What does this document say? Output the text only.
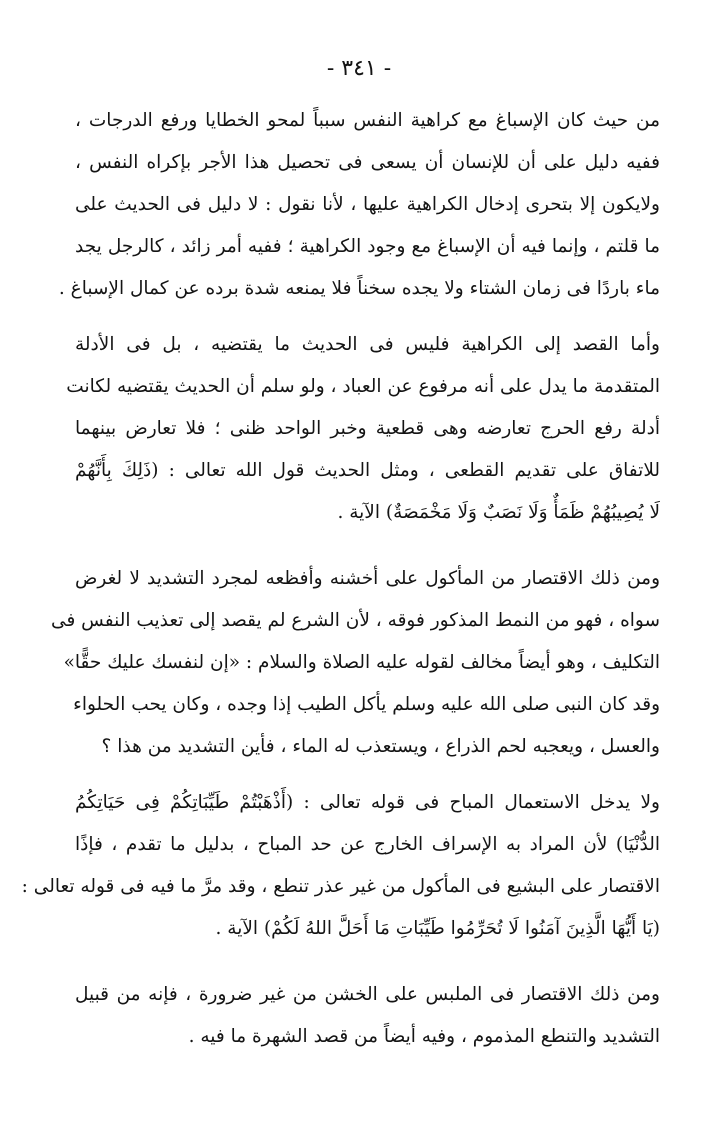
- ٣٤١ -

من حيث كان الإسباغ مع كراهية النفس سبباً لمحو الخطايا ورفع الدرجات ،
ففيه دليل على أن للإنسان أن يسعى فى تحصيل هذا الأجر بإكراه النفس ،
ولايكون إلا بتحرى إدخال الكراهية عليها ، لأنا نقول : لا دليل فى الحديث على
ما قلتم ، وإنما فيه أن الإسباغ مع وجود الكراهية ؛ ففيه أمر زائد ، كالرجل يجد
ماء باردًا فى زمان الشتاء ولا يجده سخناً فلا يمنعه شدة برده عن كمال الإسباغ .

وأما القصد إلى الكراهية فليس فى الحديث ما يقتضيه ، بل فى الأدلة
المتقدمة ما يدل على أنه مرفوع عن العباد ، ولو سلم أن الحديث يقتضيه لكانت
أدلة رفع الحرج تعارضه وهى قطعية وخبر الواحد ظنى ؛ فلا تعارض بينهما
للاتفاق على تقديم القطعى ، ومثل الحديث قول الله تعالى : (ذَلِكَ بِأَنَّهُمْ
لَا يُصِيبُهُمْ ظَمَأٌ وَلَا نَصَبٌ وَلَا مَخْمَصَةٌ) الآية .

ومن ذلك الاقتصار من المأكول على أخشنه وأفظعه لمجرد التشديد لا لغرض
سواه ، فهو من النمط المذكور فوقه ، لأن الشرع لم يقصد إلى تعذيب النفس فى
التكليف ، وهو أيضاً مخالف لقوله عليه الصلاة والسلام : «إن لنفسك عليك حقًّا»
وقد كان النبى صلى الله عليه وسلم يأكل الطيب إذا وجده ، وكان يحب الحلواء
والعسل ، ويعجبه لحم الذراع ، ويستعذب له الماء ، فأين التشديد من هذا ؟

ولا يدخل الاستعمال المباح فى قوله تعالى : (أَذْهَبْتُمْ طَيِّبَاتِكُمْ فِى حَيَاتِكُمُ
الدُّنْيَا) لأن المراد به الإسراف الخارج عن حد المباح ، بدليل ما تقدم ، فإذًا
الاقتصار على البشيع فى المأكول من غير عذر تنطع ، وقد مرَّ ما فيه فى قوله تعالى :
(يَا أَيُّهَا الَّذِينَ آمَنُوا لَا تُحَرِّمُوا طَيِّبَاتِ مَا أَحَلَّ اللهُ لَكُمْ) الآية .

ومن ذلك الاقتصار فى الملبس على الخشن من غير ضرورة ، فإنه من قبيل
التشديد والتنطع المذموم ، وفيه أيضاً من قصد الشهرة ما فيه .
